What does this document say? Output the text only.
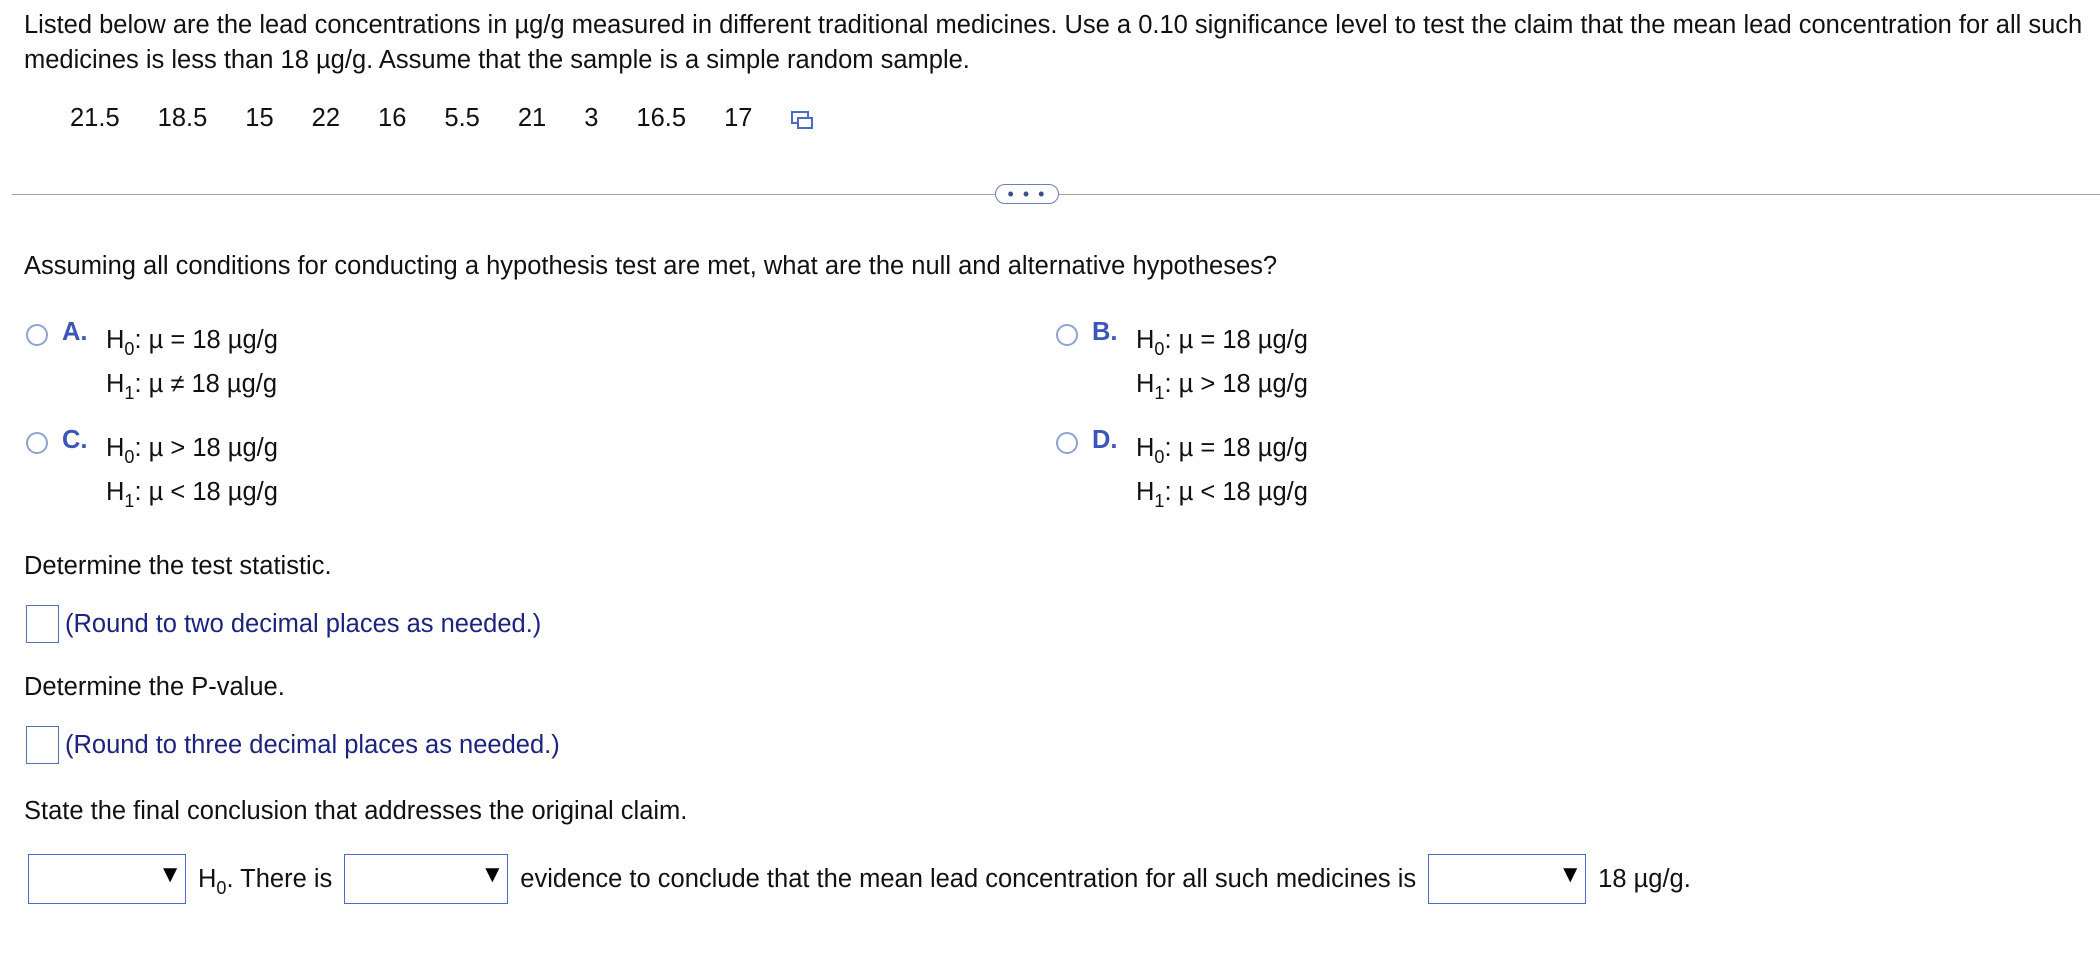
Listed below are the lead concentrations in µg/g measured in different traditional medicines. Use a 0.10 significance level to test the claim that the mean lead concentration for all such medicines is less than 18 µg/g. Assume that the sample is a simple random sample.
21.5 18.5 15 22 16 5.5 21 3 16.5 17
• • •
Assuming all conditions for conducting a hypothesis test are met, what are the null and alternative hypotheses?
A. $H_0$: µ = 18 µg/g
$H_1$: µ ≠ 18 µg/g
B. $H_0$: µ = 18 µg/g
$H_1$: µ > 18 µg/g
C. $H_0$: µ > 18 µg/g
$H_1$: µ < 18 µg/g
D. $H_0$: µ = 18 µg/g
$H_1$: µ < 18 µg/g
Determine the test statistic.
(Round to two decimal places as needed.)
Determine the P-value.
(Round to three decimal places as needed.)
State the final conclusion that addresses the original claim.
▼ $H_0$. There is	▼ evidence to conclude that the mean lead concentration for all such medicines is	▼ 18 µg/g.
